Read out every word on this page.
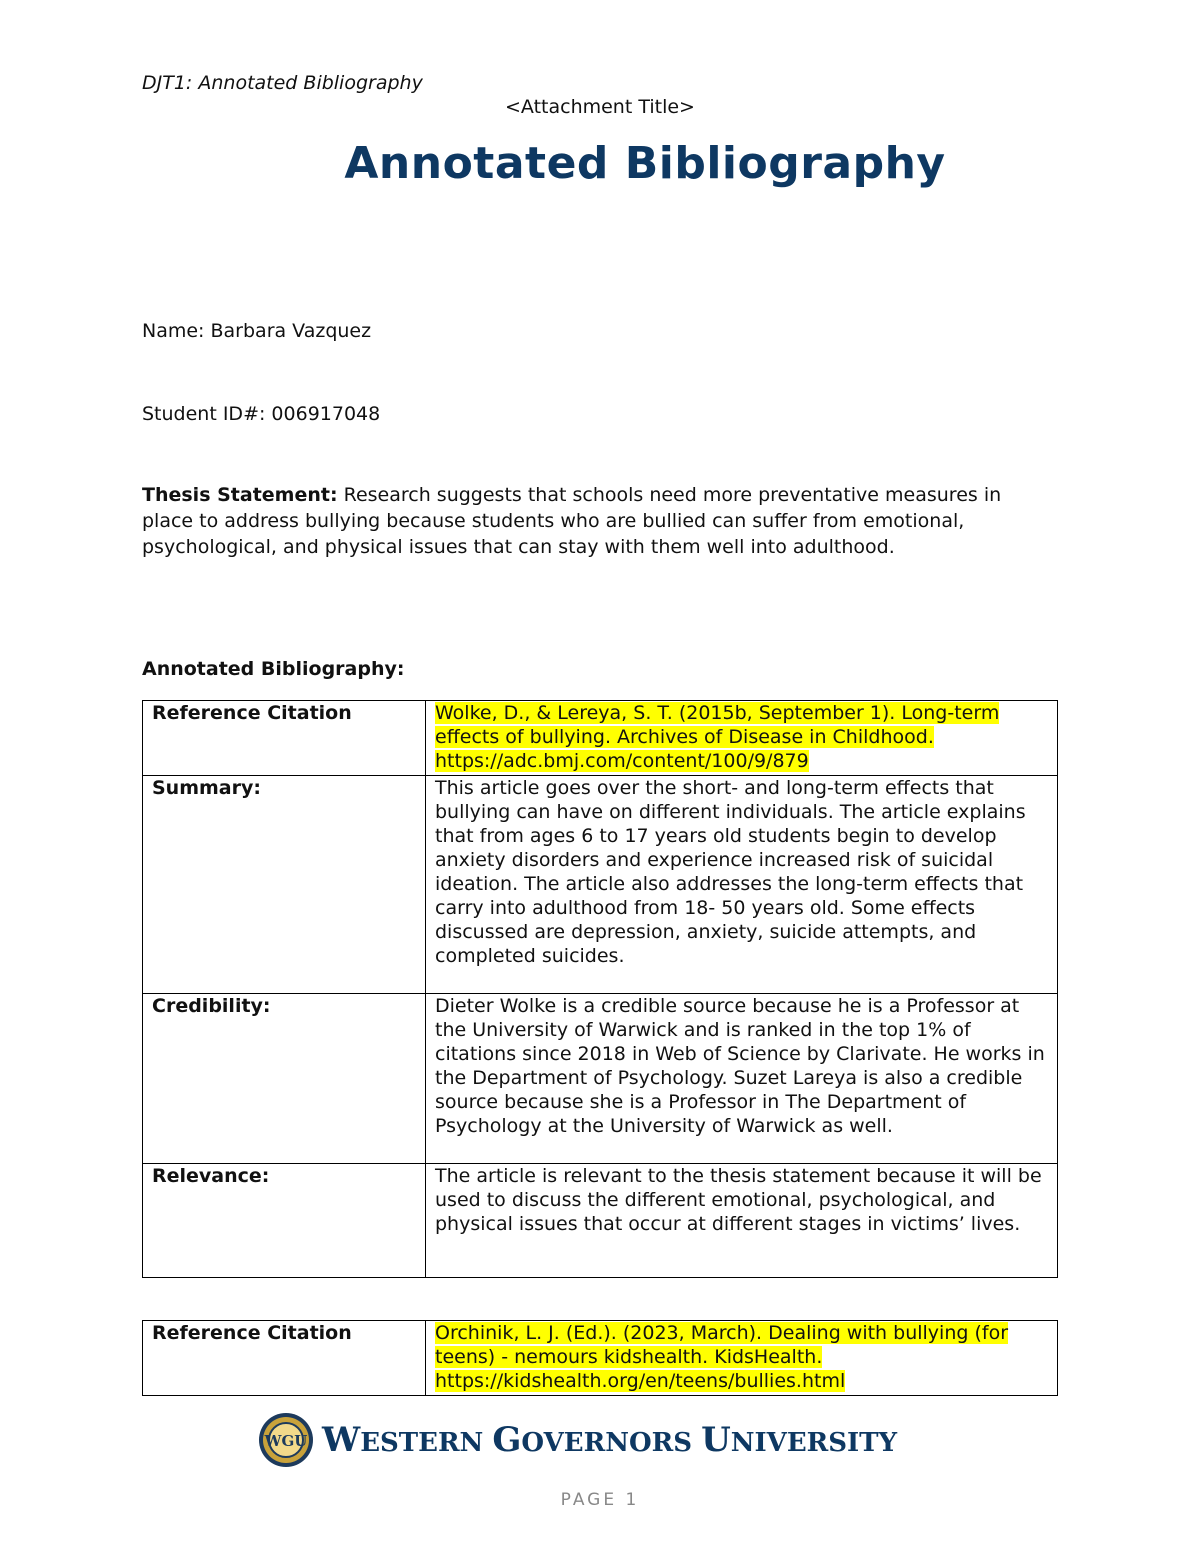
DJT1: Annotated Bibliography
<Attachment Title>
Annotated Bibliography
Name: Barbara Vazquez
Student ID#: 006917048
Thesis Statement: Research suggests that schools need more preventative measures in place to address bullying because students who are bullied can suffer from emotional, psychological, and physical issues that can stay with them well into adulthood.
Annotated Bibliography:
Reference Citation	Wolke, D., & Lereya, S. T. (2015b, September 1). Long-term
effects of bullying. Archives of Disease in Childhood.
https://adc.bmj.com/content/100/9/879
Summary:	This article goes over the short- and long-term effects that bullying can have on different individuals. The article explains that from ages 6 to 17 years old students begin to develop anxiety disorders and experience increased risk of suicidal ideation. The article also addresses the long-term effects that carry into adulthood from 18- 50 years old. Some effects discussed are depression, anxiety, suicide attempts, and completed suicides.
Credibility:	Dieter Wolke is a credible source because he is a Professor at the University of Warwick and is ranked in the top 1% of citations since 2018 in Web of Science by Clarivate. He works in the Department of Psychology. Suzet Lareya is also a credible source because she is a Professor in The Department of Psychology at the University of Warwick as well.
Relevance:	The article is relevant to the thesis statement because it will be used to discuss the different emotional, psychological, and physical issues that occur at different stages in victims’ lives.
Reference Citation	Orchinik, L. J. (Ed.). (2023, March). Dealing with bullying (for
teens) - nemours kidshealth. KidsHealth.
https://kidshealth.org/en/teens/bullies.html
WGU WESTERN GOVERNORS UNIVERSITY
PAGE 1
